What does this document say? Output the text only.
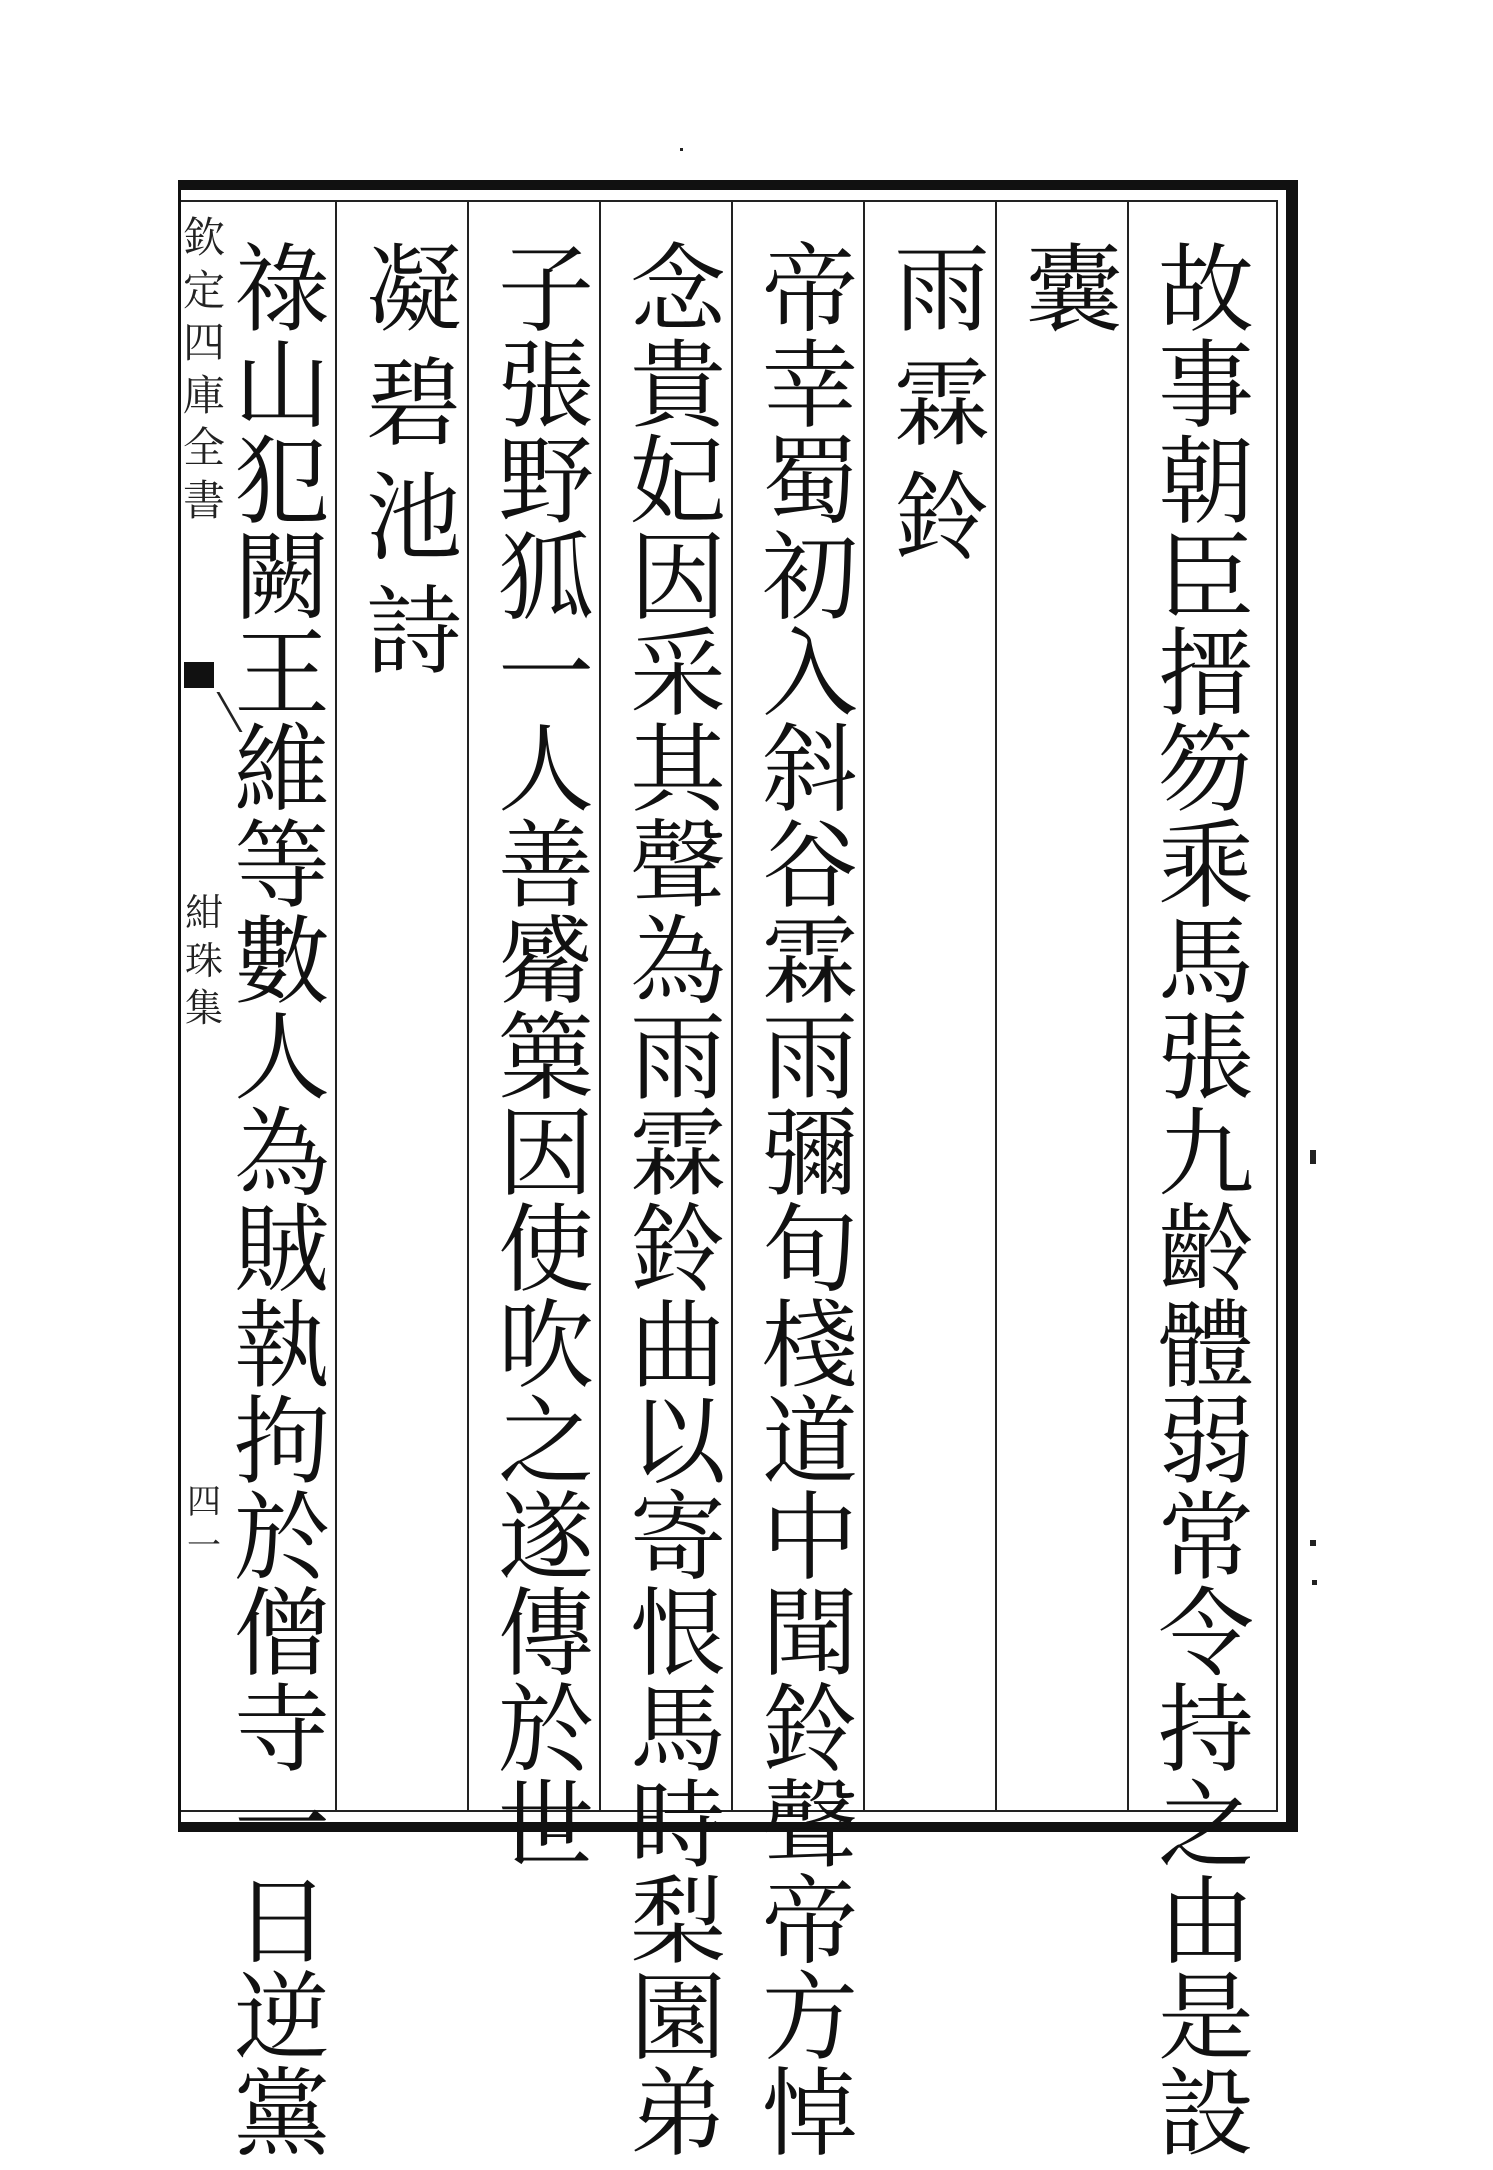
欽定四庫全書
紺珠集
四一
故
事
朝
臣
搢
笏
乘
馬
張
九
齡
體
弱
常
令
持
之
由
是
設
囊
雨
霖
鈴
帝
幸
蜀
初
入
斜
谷
霖
雨
彌
旬
棧
道
中
聞
鈴
聲
帝
方
悼
念
貴
妃
因
采
其
聲
為
雨
霖
鈴
曲
以
寄
恨
馬
時
梨
園
弟
子
張
野
狐
一
人
善
觱
篥
因
使
吹
之
遂
傳
於
世
凝
碧
池
詩
祿
山
犯
闕
王
維
等
數
人
為
賊
執
拘
於
僧
寺
一
日
逆
黨
